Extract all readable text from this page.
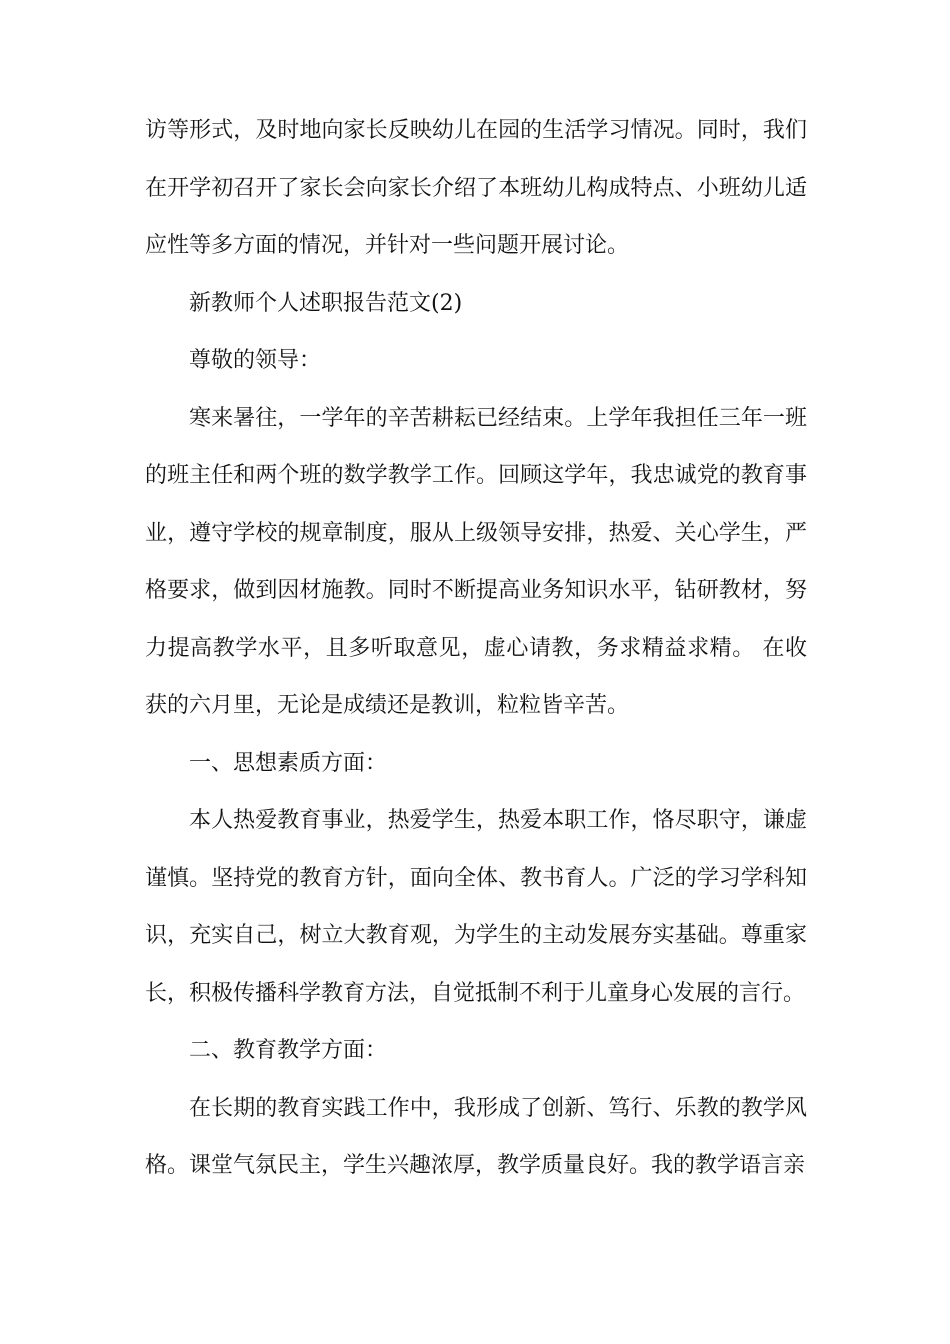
访等形式，及时地向家长反映幼儿在园的生活学习情况。同时，我们在开学初召开了家长会向家长介绍了本班幼儿构成特点、小班幼儿适应性等多方面的情况，并针对一些问题开展讨论。

新教师个人述职报告范文(2)

尊敬的领导：

寒来暑往，一学年的辛苦耕耘已经结束。上学年我担任三年一班的班主任和两个班的数学教学工作。回顾这学年，我忠诚党的教育事业，遵守学校的规章制度，服从上级领导安排，热爱、关心学生，严格要求，做到因材施教。同时不断提高业务知识水平，钻研教材，努力提高教学水平，且多听取意见，虚心请教，务求精益求精。 在收获的六月里，无论是成绩还是教训，粒粒皆辛苦。

一、思想素质方面：

本人热爱教育事业，热爱学生，热爱本职工作，恪尽职守，谦虚谨慎。坚持党的教育方针，面向全体、教书育人。广泛的学习学科知识，充实自己，树立大教育观，为学生的主动发展夯实基础。尊重家长，积极传播科学教育方法，自觉抵制不利于儿童身心发展的言行。

二、教育教学方面：

在长期的教育实践工作中，我形成了创新、笃行、乐教的教学风格。课堂气氛民主，学生兴趣浓厚，教学质量良好。我的教学语言亲
